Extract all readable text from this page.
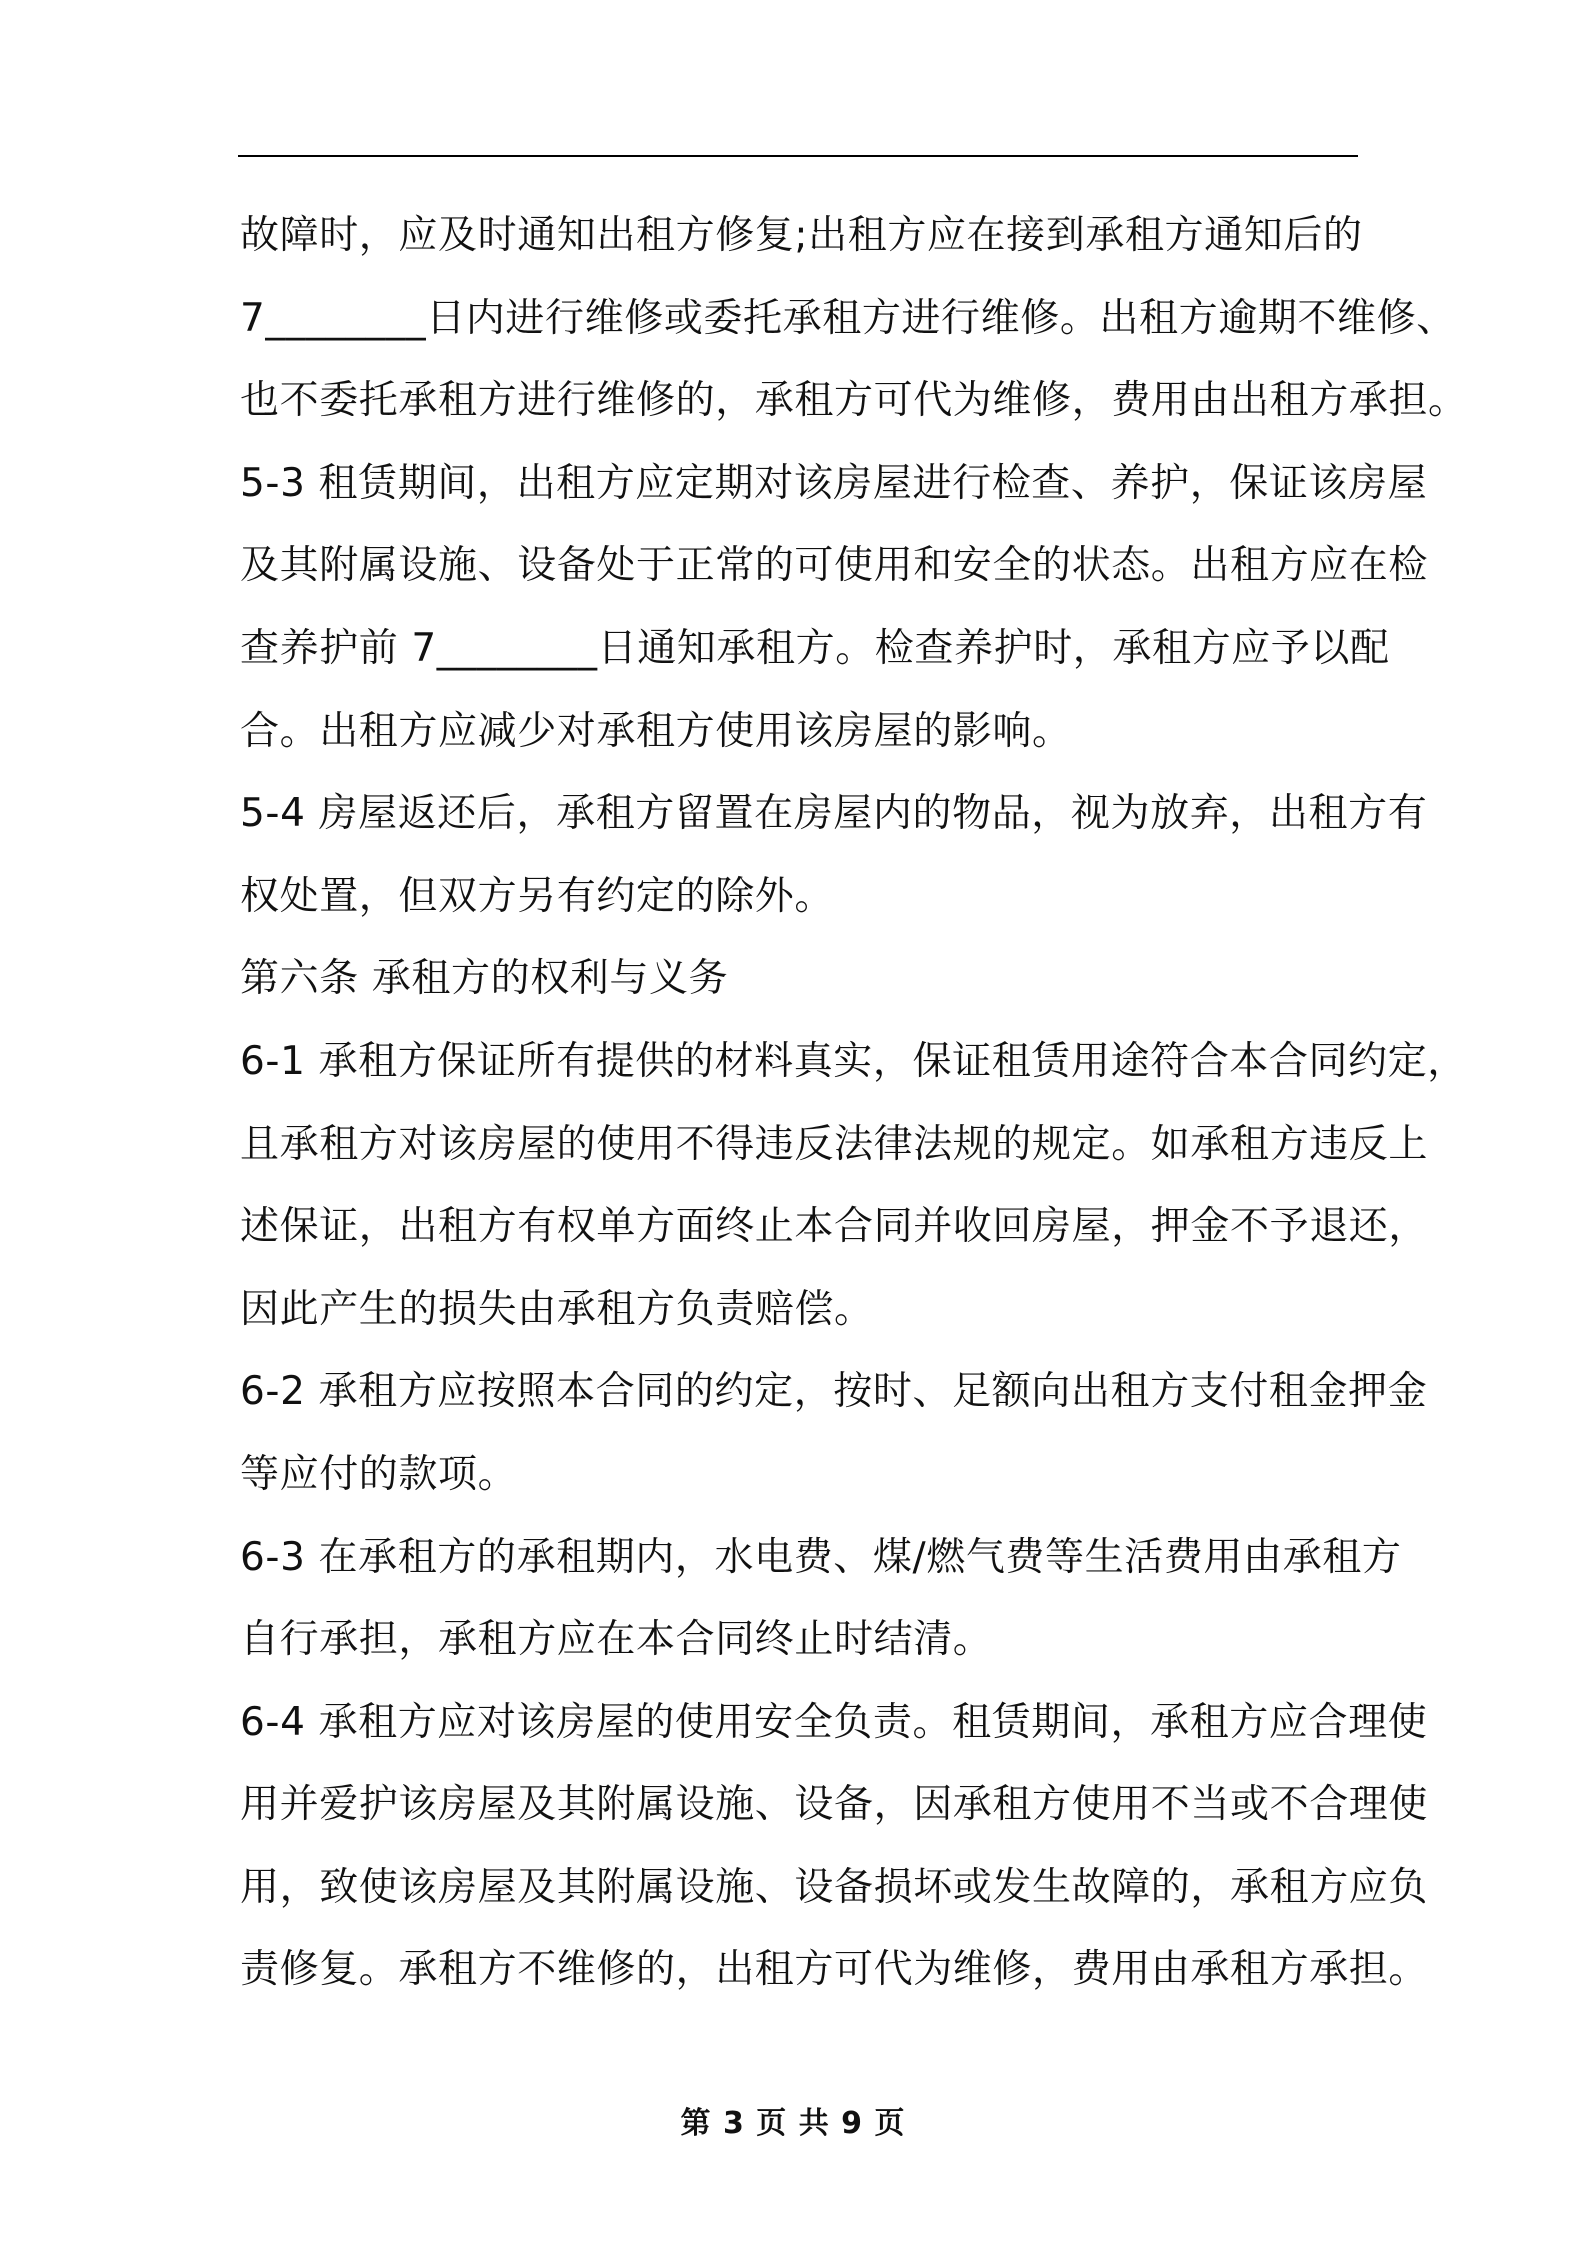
故障时，应及时通知出租方修复;出租方应在接到承租方通知后的
7________日内进行维修或委托承租方进行维修。出租方逾期不维修、
也不委托承租方进行维修的，承租方可代为维修，费用由出租方承担。
5-3 租赁期间，出租方应定期对该房屋进行检查、养护，保证该房屋
及其附属设施、设备处于正常的可使用和安全的状态。出租方应在检
查养护前 7________日通知承租方。检查养护时，承租方应予以配
合。出租方应减少对承租方使用该房屋的影响。
5-4 房屋返还后，承租方留置在房屋内的物品，视为放弃，出租方有
权处置，但双方另有约定的除外。
第六条 承租方的权利与义务
6-1 承租方保证所有提供的材料真实，保证租赁用途符合本合同约定，
且承租方对该房屋的使用不得违反法律法规的规定。如承租方违反上
述保证，出租方有权单方面终止本合同并收回房屋，押金不予退还，
因此产生的损失由承租方负责赔偿。
6-2 承租方应按照本合同的约定，按时、足额向出租方支付租金押金
等应付的款项。
6-3 在承租方的承租期内，水电费、煤/燃气费等生活费用由承租方
自行承担，承租方应在本合同终止时结清。
6-4 承租方应对该房屋的使用安全负责。租赁期间，承租方应合理使
用并爱护该房屋及其附属设施、设备，因承租方使用不当或不合理使
用，致使该房屋及其附属设施、设备损坏或发生故障的，承租方应负
责修复。承租方不维修的，出租方可代为维修，费用由承租方承担。
第 3 页 共 9 页
